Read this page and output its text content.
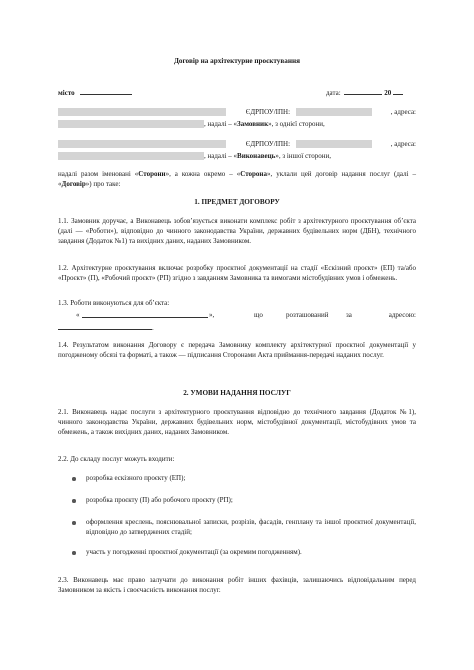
Договір на архітектурне проєктування
місто	дата:	20
ЄДРПОУ/ІПН:	, адреса:
, надалі – «Замовник», з однієї сторони,
ЄДРПОУ/ІПН:	, адреса:
, надалі – «Виконавець», з іншої сторони,
надалі разом іменовані «Сторони», а кожна окремо – «Сторона», уклали цей договір надання послуг (далі – «Договір») про таке:
1. ПРЕДМЕТ ДОГОВОРУ
1.1. Замовник доручає, а Виконавець зобов’язується виконати комплекс робіт з архітектурного проєктування об’єкта (далі — «Роботи»), відповідно до чинного законодавства України, державних будівельних норм (ДБН), технічного завдання (Додаток №1) та вихідних даних, наданих Замовником.
1.2. Архітектурне проєктування включає розробку проєктної документації на стадії «Ескізний проєкт» (ЕП) та/або «Проєкт» (П), «Робочий проєкт» (РП) згідно з завданням Замовника та вимогами містобудівних умов і обмежень.
1.3. Роботи виконуються для об’єкта:
«	»,	що	розташований	за	адресою:
.
1.4. Результатом виконання Договору є передача Замовнику комплекту архітектурної проєктної документації у погодженому обсязі та форматі, а також — підписання Сторонами Акта приймання-передачі наданих послуг.
2. УМОВИ НАДАННЯ ПОСЛУГ
2.1. Виконавець надає послуги з архітектурного проєктування відповідно до технічного завдання (Додаток №1), чинного законодавства України, державних будівельних норм, містобудівної документації, містобудівних умов та обмежень, а також вихідних даних, наданих Замовником.
2.2. До складу послуг можуть входити:
розробка ескізного проєкту (ЕП);
розробка проєкту (П) або робочого проєкту (РП);
оформлення креслень, пояснювальної записки, розрізів, фасадів, генплану та іншої проєктної документації, відповідно до затверджених стадій;
участь у погодженні проєктної документації (за окремим погодженням).
2.3. Виконавець має право залучати до виконання робіт інших фахівців, залишаючись відповідальним перед Замовником за якість і своєчасність виконання послуг.
